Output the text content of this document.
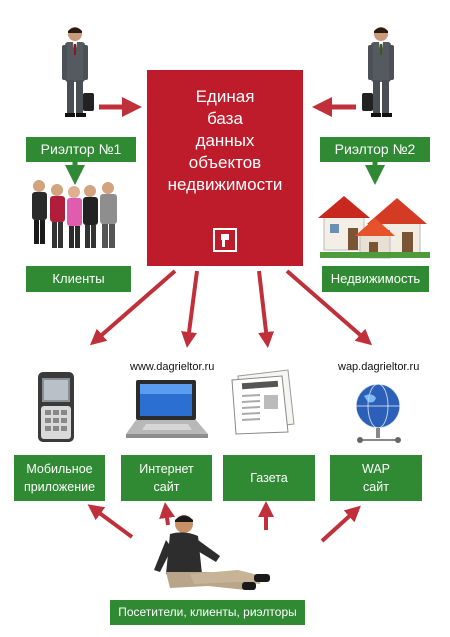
Риэлтор №1	Риэлтор №2
Единая
база
данных
объектов
недвижимости
Клиенты	Недвижимость
www.dagrieltor.ru	wap.dagrieltor.ru
Мобильное
приложение
Интернет
сайт
Газета
WAP
сайт
Посетители, клиенты, риэлторы
